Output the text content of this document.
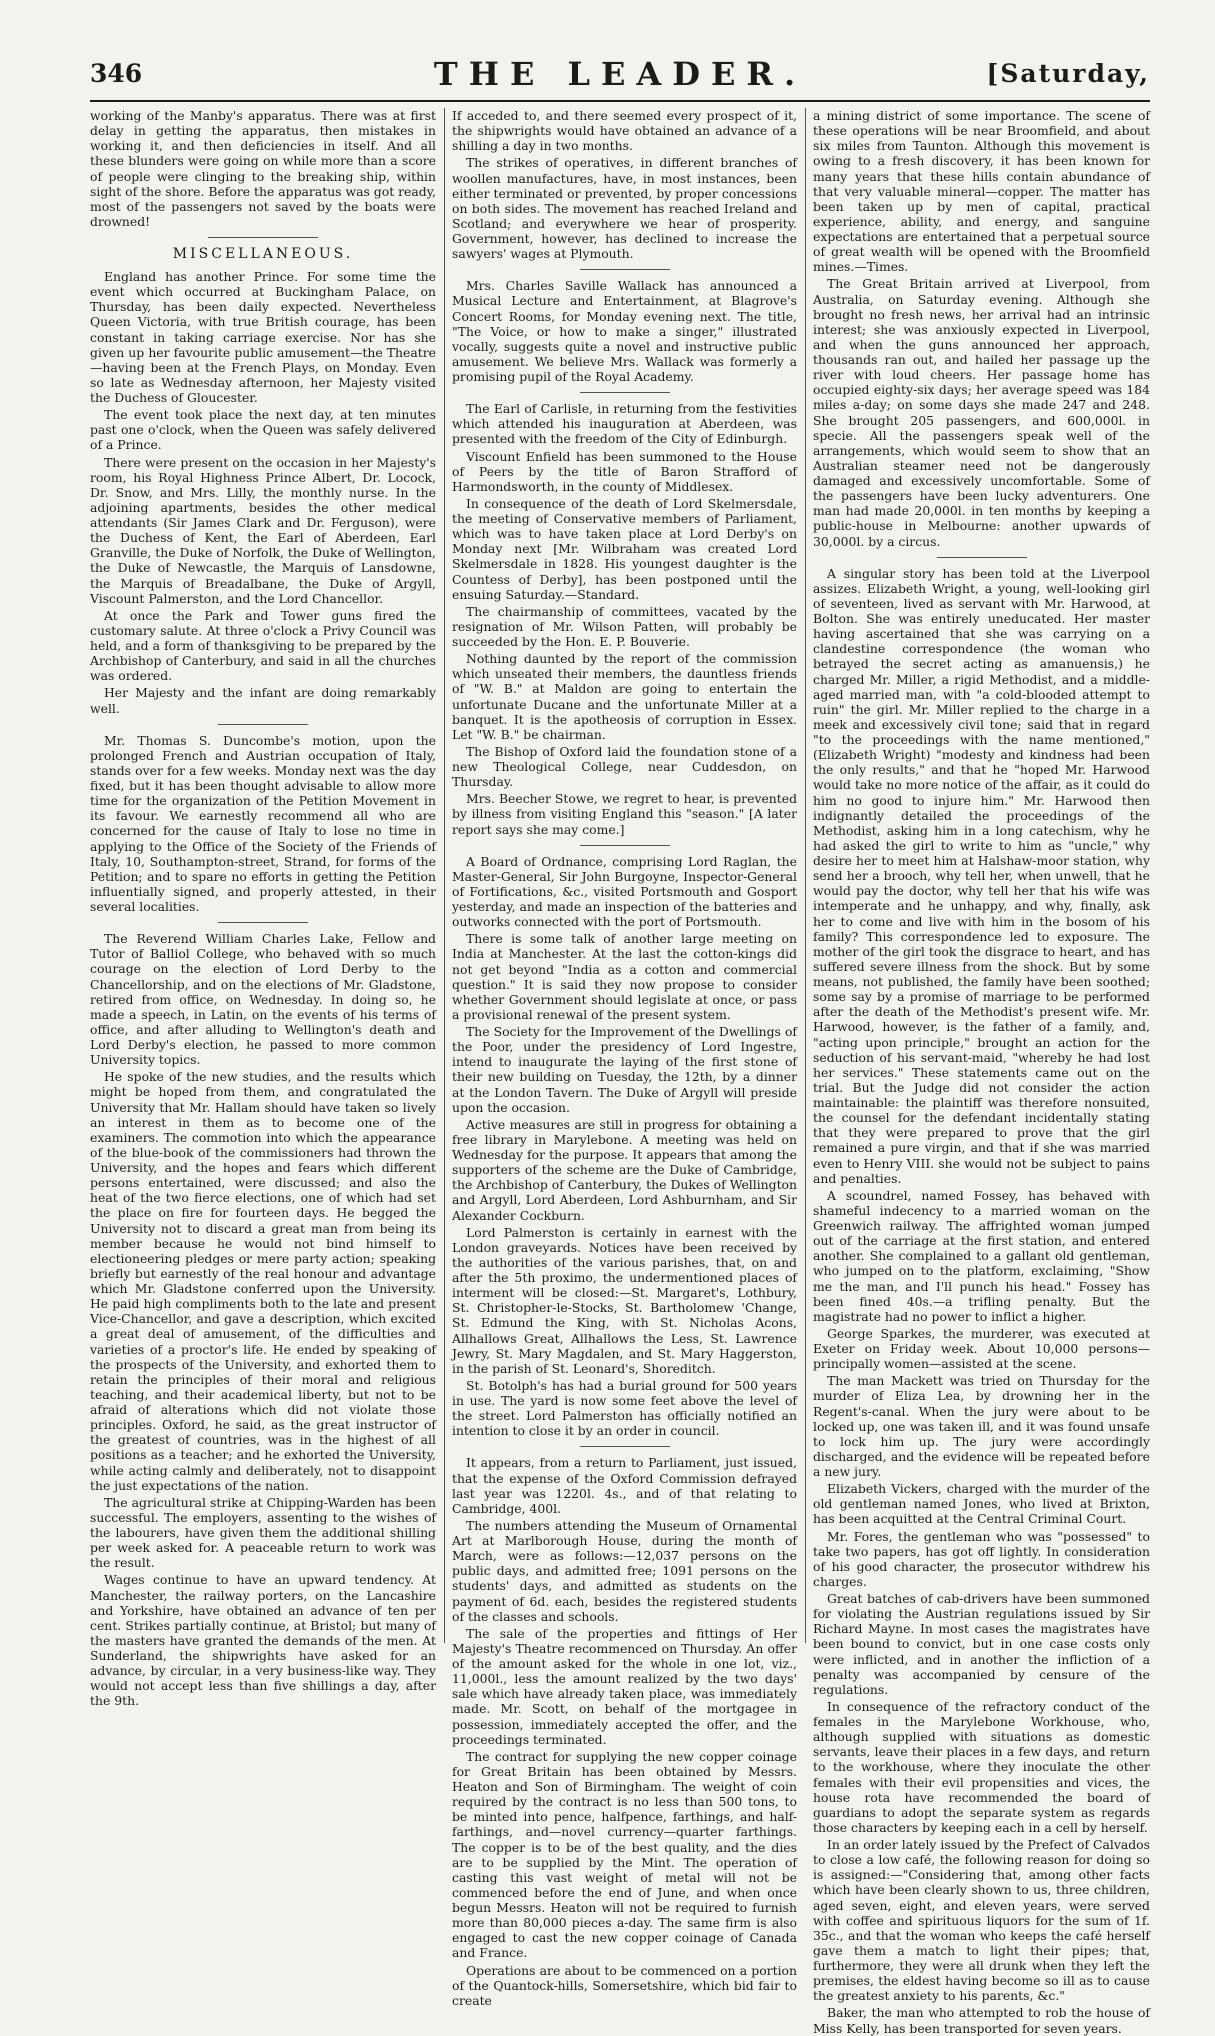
346	THE LEADER.	[Saturday,

working of the Manby's apparatus. There was at first delay in getting the apparatus, then mistakes in working it, and then deficiencies in itself. And all these blunders were going on while more than a score of people were clinging to the breaking ship, within sight of the shore. Before the apparatus was got ready, most of the passengers not saved by the boats were drowned!

MISCELLANEOUS.

England has another Prince. For some time the event which occurred at Buckingham Palace, on Thursday, has been daily expected. Nevertheless Queen Victoria, with true British courage, has been constant in taking carriage exercise. Nor has she given up her favourite public amusement—the Theatre —having been at the French Plays, on Monday. Even so late as Wednesday afternoon, her Majesty visited the Duchess of Gloucester.

The event took place the next day, at ten minutes past one o'clock, when the Queen was safely delivered of a Prince.

There were present on the occasion in her Majesty's room, his Royal Highness Prince Albert, Dr. Locock, Dr. Snow, and Mrs. Lilly, the monthly nurse. In the adjoining apartments, besides the other medical attendants (Sir James Clark and Dr. Ferguson), were the Duchess of Kent, the Earl of Aberdeen, Earl Granville, the Duke of Norfolk, the Duke of Wellington, the Duke of Newcastle, the Marquis of Lansdowne, the Marquis of Breadalbane, the Duke of Argyll, Viscount Palmerston, and the Lord Chancellor.

At once the Park and Tower guns fired the customary salute. At three o'clock a Privy Council was held, and a form of thanksgiving to be prepared by the Archbishop of Canterbury, and said in all the churches was ordered.

Her Majesty and the infant are doing remarkably well.

Mr. Thomas S. Duncombe's motion, upon the prolonged French and Austrian occupation of Italy, stands over for a few weeks. Monday next was the day fixed, but it has been thought advisable to allow more time for the organization of the Petition Movement in its favour. We earnestly recommend all who are concerned for the cause of Italy to lose no time in applying to the Office of the Society of the Friends of Italy, 10, Southampton-street, Strand, for forms of the Petition; and to spare no efforts in getting the Petition influentially signed, and properly attested, in their several localities.

The Reverend William Charles Lake, Fellow and Tutor of Balliol College, who behaved with so much courage on the election of Lord Derby to the Chancellorship, and on the elections of Mr. Gladstone, retired from office, on Wednesday. In doing so, he made a speech, in Latin, on the events of his terms of office, and after alluding to Wellington's death and Lord Derby's election, he passed to more common University topics.

He spoke of the new studies, and the results which might be hoped from them, and congratulated the University that Mr. Hallam should have taken so lively an interest in them as to become one of the examiners. The commotion into which the appearance of the blue-book of the commissioners had thrown the University, and the hopes and fears which different persons entertained, were discussed; and also the heat of the two fierce elections, one of which had set the place on fire for fourteen days. He begged the University not to discard a great man from being its member because he would not bind himself to electioneering pledges or mere party action; speaking briefly but earnestly of the real honour and advantage which Mr. Gladstone conferred upon the University. He paid high compliments both to the late and present Vice-Chancellor, and gave a description, which excited a great deal of amusement, of the difficulties and varieties of a proctor's life. He ended by speaking of the prospects of the University, and exhorted them to retain the principles of their moral and religious teaching, and their academical liberty, but not to be afraid of alterations which did not violate those principles. Oxford, he said, as the great instructor of the greatest of countries, was in the highest of all positions as a teacher; and he exhorted the University, while acting calmly and deliberately, not to disappoint the just expectations of the nation.

The agricultural strike at Chipping-Warden has been successful. The employers, assenting to the wishes of the labourers, have given them the additional shilling per week asked for. A peaceable return to work was the result.

Wages continue to have an upward tendency. At Manchester, the railway porters, on the Lancashire and Yorkshire, have obtained an advance of ten per cent. Strikes partially continue, at Bristol; but many of the masters have granted the demands of the men. At Sunderland, the shipwrights have asked for an advance, by circular, in a very business-like way. They would not accept less than five shillings a day, after the 9th.

If acceded to, and there seemed every prospect of it, the shipwrights would have obtained an advance of a shilling a day in two months.

The strikes of operatives, in different branches of woollen manufactures, have, in most instances, been either terminated or prevented, by proper concessions on both sides. The movement has reached Ireland and Scotland; and everywhere we hear of prosperity. Government, however, has declined to increase the sawyers' wages at Plymouth.

Mrs. Charles Saville Wallack has announced a Musical Lecture and Entertainment, at Blagrove's Concert Rooms, for Monday evening next. The title, "The Voice, or how to make a singer," illustrated vocally, suggests quite a novel and instructive public amusement. We believe Mrs. Wallack was formerly a promising pupil of the Royal Academy.

The Earl of Carlisle, in returning from the festivities which attended his inauguration at Aberdeen, was presented with the freedom of the City of Edinburgh.

Viscount Enfield has been summoned to the House of Peers by the title of Baron Strafford of Harmondsworth, in the county of Middlesex.

In consequence of the death of Lord Skelmersdale, the meeting of Conservative members of Parliament, which was to have taken place at Lord Derby's on Monday next [Mr. Wilbraham was created Lord Skelmersdale in 1828. His youngest daughter is the Countess of Derby], has been postponed until the ensuing Saturday.—Standard.

The chairmanship of committees, vacated by the resignation of Mr. Wilson Patten, will probably be succeeded by the Hon. E. P. Bouverie.

Nothing daunted by the report of the commission which unseated their members, the dauntless friends of "W. B." at Maldon are going to entertain the unfortunate Ducane and the unfortunate Miller at a banquet. It is the apotheosis of corruption in Essex. Let "W. B." be chairman.

The Bishop of Oxford laid the foundation stone of a new Theological College, near Cuddesdon, on Thursday.

Mrs. Beecher Stowe, we regret to hear, is prevented by illness from visiting England this "season." [A later report says she may come.]

A Board of Ordnance, comprising Lord Raglan, the Master-General, Sir John Burgoyne, Inspector-General of Fortifications, &c., visited Portsmouth and Gosport yesterday, and made an inspection of the batteries and outworks connected with the port of Portsmouth.

There is some talk of another large meeting on India at Manchester. At the last the cotton-kings did not get beyond "India as a cotton and commercial question." It is said they now propose to consider whether Government should legislate at once, or pass a provisional renewal of the present system.

The Society for the Improvement of the Dwellings of the Poor, under the presidency of Lord Ingestre, intend to inaugurate the laying of the first stone of their new building on Tuesday, the 12th, by a dinner at the London Tavern. The Duke of Argyll will preside upon the occasion.

Active measures are still in progress for obtaining a free library in Marylebone. A meeting was held on Wednesday for the purpose. It appears that among the supporters of the scheme are the Duke of Cambridge, the Archbishop of Canterbury, the Dukes of Wellington and Argyll, Lord Aberdeen, Lord Ashburnham, and Sir Alexander Cockburn.

Lord Palmerston is certainly in earnest with the London graveyards. Notices have been received by the authorities of the various parishes, that, on and after the 5th proximo, the undermentioned places of interment will be closed:—St. Margaret's, Lothbury, St. Christopher-le-Stocks, St. Bartholomew 'Change, St. Edmund the King, with St. Nicholas Acons, Allhallows Great, Allhallows the Less, St. Lawrence Jewry, St. Mary Magdalen, and St. Mary Haggerston, in the parish of St. Leonard's, Shoreditch.

St. Botolph's has had a burial ground for 500 years in use. The yard is now some feet above the level of the street. Lord Palmerston has officially notified an intention to close it by an order in council.

It appears, from a return to Parliament, just issued, that the expense of the Oxford Commission defrayed last year was 1220l. 4s., and of that relating to Cambridge, 400l.

The numbers attending the Museum of Ornamental Art at Marlborough House, during the month of March, were as follows:—12,037 persons on the public days, and admitted free; 1091 persons on the students' days, and admitted as students on the payment of 6d. each, besides the registered students of the classes and schools.

The sale of the properties and fittings of Her Majesty's Theatre recommenced on Thursday. An offer of the amount asked for the whole in one lot, viz., 11,000l., less the amount realized by the two days' sale which have already taken place, was immediately made. Mr. Scott, on behalf of the mortgagee in possession, immediately accepted the offer, and the proceedings terminated.

The contract for supplying the new copper coinage for Great Britain has been obtained by Messrs. Heaton and Son of Birmingham. The weight of coin required by the contract is no less than 500 tons, to be minted into pence, halfpence, farthings, and half-farthings, and—novel currency—quarter farthings. The copper is to be of the best quality, and the dies are to be supplied by the Mint. The operation of casting this vast weight of metal will not be commenced before the end of June, and when once begun Messrs. Heaton will not be required to furnish more than 80,000 pieces a-day. The same firm is also engaged to cast the new copper coinage of Canada and France.

Operations are about to be commenced on a portion of the Quantock-hills, Somersetshire, which bid fair to create

a mining district of some importance. The scene of these operations will be near Broomfield, and about six miles from Taunton. Although this movement is owing to a fresh discovery, it has been known for many years that these hills contain abundance of that very valuable mineral—copper. The matter has been taken up by men of capital, practical experience, ability, and energy, and sanguine expectations are entertained that a perpetual source of great wealth will be opened with the Broomfield mines.—Times.

The Great Britain arrived at Liverpool, from Australia, on Saturday evening. Although she brought no fresh news, her arrival had an intrinsic interest; she was anxiously expected in Liverpool, and when the guns announced her approach, thousands ran out, and hailed her passage up the river with loud cheers. Her passage home has occupied eighty-six days; her average speed was 184 miles a-day; on some days she made 247 and 248. She brought 205 passengers, and 600,000l. in specie. All the passengers speak well of the arrangements, which would seem to show that an Australian steamer need not be dangerously damaged and excessively uncomfortable. Some of the passengers have been lucky adventurers. One man had made 20,000l. in ten months by keeping a public-house in Melbourne: another upwards of 30,000l. by a circus.

A singular story has been told at the Liverpool assizes. Elizabeth Wright, a young, well-looking girl of seventeen, lived as servant with Mr. Harwood, at Bolton. She was entirely uneducated. Her master having ascertained that she was carrying on a clandestine correspondence (the woman who betrayed the secret acting as amanuensis,) he charged Mr. Miller, a rigid Methodist, and a middle-aged married man, with "a cold-blooded attempt to ruin" the girl. Mr. Miller replied to the charge in a meek and excessively civil tone; said that in regard "to the proceedings with the name mentioned," (Elizabeth Wright) "modesty and kindness had been the only results," and that he "hoped Mr. Harwood would take no more notice of the affair, as it could do him no good to injure him." Mr. Harwood then indignantly detailed the proceedings of the Methodist, asking him in a long catechism, why he had asked the girl to write to him as "uncle," why desire her to meet him at Halshaw-moor station, why send her a brooch, why tell her, when unwell, that he would pay the doctor, why tell her that his wife was intemperate and he unhappy, and why, finally, ask her to come and live with him in the bosom of his family? This correspondence led to exposure. The mother of the girl took the disgrace to heart, and has suffered severe illness from the shock. But by some means, not published, the family have been soothed; some say by a promise of marriage to be performed after the death of the Methodist's present wife. Mr. Harwood, however, is the father of a family, and, "acting upon principle," brought an action for the seduction of his servant-maid, "whereby he had lost her services." These statements came out on the trial. But the Judge did not consider the action maintainable: the plaintiff was therefore nonsuited, the counsel for the defendant incidentally stating that they were prepared to prove that the girl remained a pure virgin, and that if she was married even to Henry VIII. she would not be subject to pains and penalties.

A scoundrel, named Fossey, has behaved with shameful indecency to a married woman on the Greenwich railway. The affrighted woman jumped out of the carriage at the first station, and entered another. She complained to a gallant old gentleman, who jumped on to the platform, exclaiming, "Show me the man, and I'll punch his head." Fossey has been fined 40s.—a trifling penalty. But the magistrate had no power to inflict a higher.

George Sparkes, the murderer, was executed at Exeter on Friday week. About 10,000 persons—principally women—assisted at the scene.

The man Mackett was tried on Thursday for the murder of Eliza Lea, by drowning her in the Regent's-canal. When the jury were about to be locked up, one was taken ill, and it was found unsafe to lock him up. The jury were accordingly discharged, and the evidence will be repeated before a new jury.

Elizabeth Vickers, charged with the murder of the old gentleman named Jones, who lived at Brixton, has been acquitted at the Central Criminal Court.

Mr. Fores, the gentleman who was "possessed" to take two papers, has got off lightly. In consideration of his good character, the prosecutor withdrew his charges.

Great batches of cab-drivers have been summoned for violating the Austrian regulations issued by Sir Richard Mayne. In most cases the magistrates have been bound to convict, but in one case costs only were inflicted, and in another the infliction of a penalty was accompanied by censure of the regulations.

In consequence of the refractory conduct of the females in the Marylebone Workhouse, who, although supplied with situations as domestic servants, leave their places in a few days, and return to the workhouse, where they inoculate the other females with their evil propensities and vices, the house rota have recommended the board of guardians to adopt the separate system as regards those characters by keeping each in a cell by herself.

In an order lately issued by the Prefect of Calvados to close a low café, the following reason for doing so is assigned:—"Considering that, among other facts which have been clearly shown to us, three children, aged seven, eight, and eleven years, were served with coffee and spirituous liquors for the sum of 1f. 35c., and that the woman who keeps the café herself gave them a match to light their pipes; that, furthermore, they were all drunk when they left the premises, the eldest having become so ill as to cause the greatest anxiety to his parents, &c."

Baker, the man who attempted to rob the house of Miss Kelly, has been transported for seven years.
